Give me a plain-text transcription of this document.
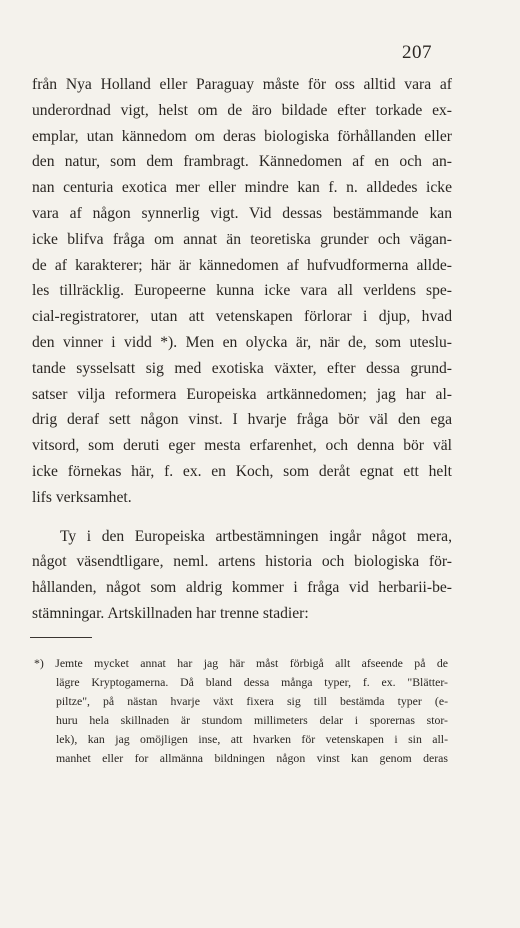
207
från Nya Holland eller Paraguay måste för oss alltid vara af
underordnad vigt, helst om de äro bildade efter torkade ex-
emplar, utan kännedom om deras biologiska förhållanden eller
den natur, som dem frambragt. Kännedomen af en och an-
nan centuria exotica mer eller mindre kan f. n. alldedes icke
vara af någon synnerlig vigt. Vid dessas bestämmande kan
icke blifva fråga om annat än teoretiska grunder och vägan-
de af karakterer; här är kännedomen af hufvudformerna allde-
les tillräcklig. Europeerne kunna icke vara all verldens spe-
cial-registratorer, utan att vetenskapen förlorar i djup, hvad
den vinner i vidd *). Men en olycka är, när de, som uteslu-
tande sysselsatt sig med exotiska växter, efter dessa grund-
satser vilja reformera Europeiska artkännedomen; jag har al-
drig deraf sett någon vinst. I hvarje fråga bör väl den ega
vitsord, som deruti eger mesta erfarenhet, och denna bör väl
icke förnekas här, f. ex. en Koch, som deråt egnat ett helt
lifs verksamhet.
Ty i den Europeiska artbestämningen ingår något mera,
något väsendtligare, neml. artens historia och biologiska för-
hållanden, något som aldrig kommer i fråga vid herbarii-be-
stämningar. Artskillnaden har trenne stadier:
*) Jemte mycket annat har jag här måst förbigå allt afseende på de
lägre Kryptogamerna. Då bland dessa många typer, f. ex. "Blätter-
piltze", på nästan hvarje växt fixera sig till bestämda typer (e-
huru hela skillnaden är stundom millimeters delar i sporernas stor-
lek), kan jag omöjligen inse, att hvarken för vetenskapen i sin all-
manhet eller for allmänna bildningen någon vinst kan genom deras
